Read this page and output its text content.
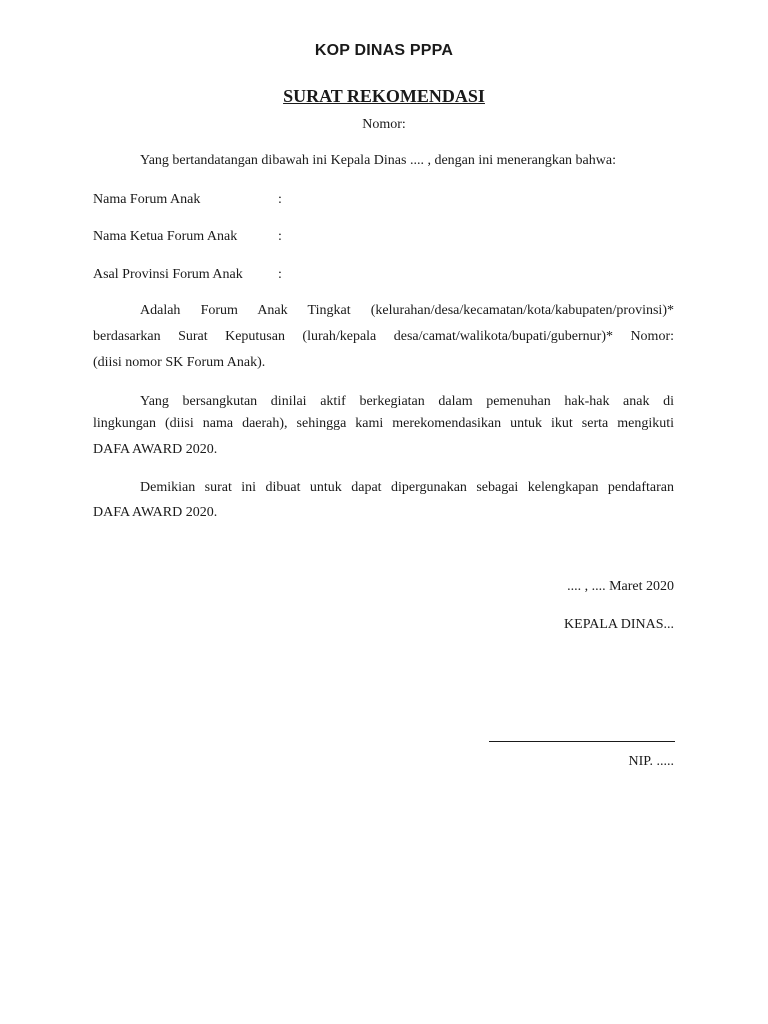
KOP DINAS PPPA
SURAT REKOMENDASI
Nomor:
Yang bertandatangan dibawah ini Kepala Dinas .... , dengan ini menerangkan bahwa:
Nama Forum Anak	:
Nama Ketua Forum Anak	:
Asal Provinsi Forum Anak	:
Adalah Forum Anak Tingkat (kelurahan/desa/kecamatan/kota/kabupaten/provinsi)*
berdasarkan Surat Keputusan (lurah/kepala desa/camat/walikota/bupati/gubernur)* Nomor:
(diisi nomor SK Forum Anak).
Yang bersangkutan dinilai aktif berkegiatan dalam pemenuhan hak-hak anak di
lingkungan (diisi nama daerah), sehingga kami merekomendasikan untuk ikut serta mengikuti
DAFA AWARD 2020.
Demikian surat ini dibuat untuk dapat dipergunakan sebagai kelengkapan pendaftaran
DAFA AWARD 2020.
.... , .... Maret 2020
KEPALA DINAS...
NIP. .....
